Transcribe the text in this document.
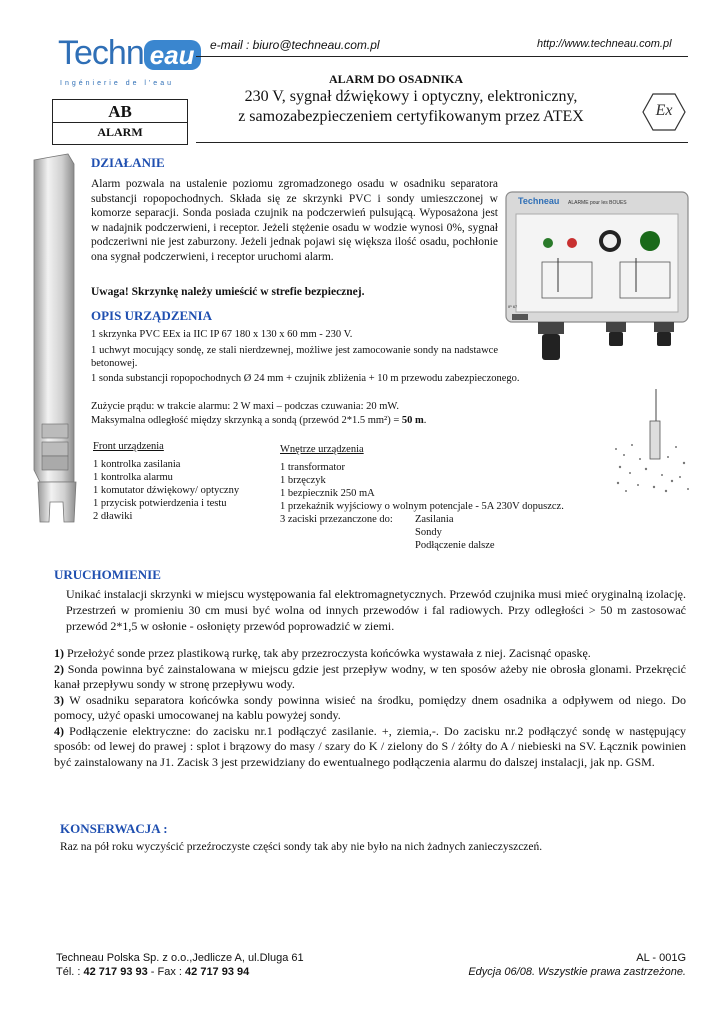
Techn eau
Ingénierie de l'eau
e-mail : biuro@techneau.com.pl	http://www.techneau.com.pl
AB
ALARM
ALARM DO OSADNIKA
230 V, sygnał dźwiękowy i optyczny, elektroniczny,
z samozabezpieczeniem certyfikowanym przez ATEX	Ex
DZIAŁANIE
Alarm pozwala na ustalenie poziomu zgromadzonego osadu w osadniku separatora substancji ropopochodnych. Składa się ze skrzynki PVC i sondy umieszczonej w komorze separacji. Sonda posiada czujnik na podczerwień pulsującą. Wyposażona jest w nadajnik podczerwieni, i receptor. Jeżeli stężenie osadu w wodzie wynosi 0%, sygnał podczeriwni nie jest zaburzony. Jeżeli jednak pojawi się większa ilość osadu, pochłonie ona sygnał podczerwieni, i receptor uruchomi alarm.
Uwaga! Skrzynkę należy umieścić w strefie bezpiecznej.
Techneau ALARME pour les BOUES
IP 67
OPIS URZĄDZENIA
1 skrzynka PVC EEx ia IIC IP 67 180 x 130 x 60 mm - 230 V.
1 uchwyt mocujący sondę, ze stali nierdzewnej, możliwe jest zamocowanie sondy na nadstawce betonowej.
1 sonda substancji ropopochodnych Ø 24 mm + czujnik zbliżenia + 10 m przewodu zabezpieczonego.
Zużycie prądu: w trakcie alarmu: 2 W maxi – podczas czuwania: 20 mW.
Maksymalna odległość między skrzynką a sondą (przewód 2*1.5 mm²) = 50 m.
Front urządzenia
1 kontrolka zasilania
1 kontrolka alarmu
1 komutator dźwiękowy/ optyczny
1 przycisk potwierdzenia i testu
2 dławiki
Wnętrze urządzenia
1 transformator
1 brzęczyk
1 bezpiecznik 250 mA
1 przekaźnik wyjściowy o wolnym potencjale - 5A 230V dopuszcz.
3 zaciski przezanczone do: Zasilania
Sondy
Podłączenie dalsze
URUCHOMIENIE
Unikać instalacji skrzynki w miejscu występowania fal elektromagnetycznych. Przewód czujnika musi mieć oryginalną izolację. Przestrzeń w promieniu 30 cm musi być wolna od innych przewodów i fal radiowych. Przy odległości > 50 m zastosować przewód 2*1,5 w osłonie - osłonięty przewód poprowadzić w ziemi.
1) Przełożyć sonde przez plastikową rurkę, tak aby przezroczysta końcówka wystawała z niej. Zacisnąć opaskę.
2) Sonda powinna być zainstalowana w miejscu gdzie jest przepływ wodny, w ten sposów ażeby nie obrosła glonami. Przekręcić kanał przepływu sondy w stronę przepływu wody.
3) W osadniku separatora końcówka sondy powinna wisieć na środku, pomiędzy dnem osadnika a odpływem od niego. Do pomocy, użyć opaski umocowanej na kablu powyżej sondy.
4) Podłączenie elektryczne: do zacisku nr.1 podłączyć zasilanie. +, ziemia,-. Do zacisku nr.2 podłączyć sondę w następujący sposób: od lewej do prawej : splot i brązowy do masy / szary do K / zielony do S / żółty do A / niebieski na SV. Łącznik powinien być zainstalowany na J1. Zacisk 3 jest przewidziany do ewentualnego podłączenia alarmu do dalszej instalacji, jak np. GSM.
KONSERWACJA :
Raz na pół roku wyczyścić przeźroczyste części sondy tak aby nie było na nich żadnych zanieczyszczeń.
Techneau Polska Sp. z o.o.,Jedlicze A, ul.Dluga 61
Tél. : 42 717 93 93 - Fax : 42 717 93 94
AL - 001G
Edycja 06/08. Wszystkie prawa zastrzeżone.
